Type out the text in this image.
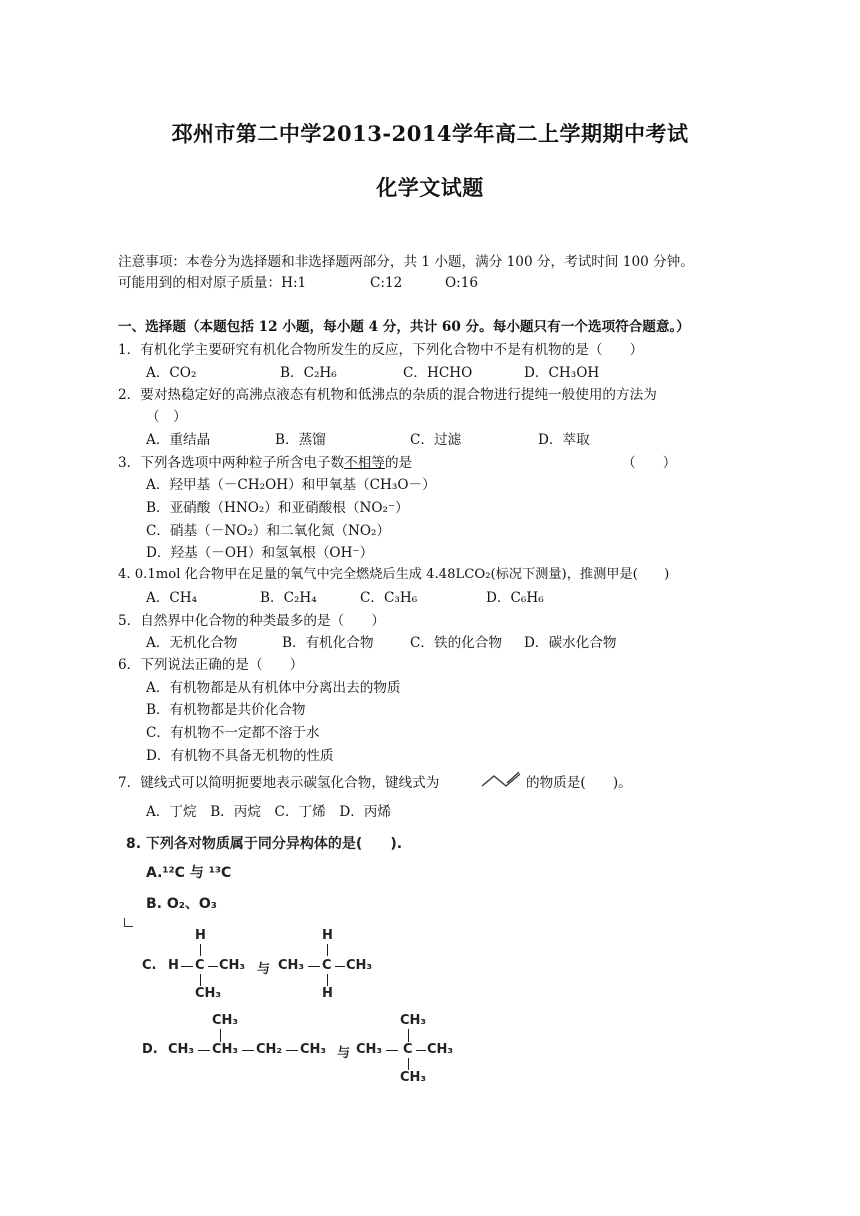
邳州市第二中学2013-2014学年高二上学期期中考试
化学文试题
注意事项：本卷分为选择题和非选择题两部分，共 1 小题，满分 100 分，考试时间 100 分钟。
可能用到的相对原子质量：H:1	C:12	O:16
一、选择题（本题包括 12 小题，每小题 4 分，共计 60 分。每小题只有一个选项符合题意。）
1．有机化学主要研究有机化合物所发生的反应，下列化合物中不是有机物的是（　　）
A．CO₂	B．C₂H₆	C．HCHO	D．CH₃OH
2．要对热稳定好的高沸点液态有机物和低沸点的杂质的混合物进行提纯一般使用的方法为
（　）
A．重结晶	B．蒸馏	C．过滤	D．萃取
3．下列各选项中两种粒子所含电子数不相等的是	（　　）
A．羟甲基（－CH₂OH）和甲氧基（CH₃O－）
B．亚硝酸（HNO₂）和亚硝酸根（NO₂⁻）
C．硝基（－NO₂）和二氧化氮（NO₂）
D．羟基（－OH）和氢氧根（OH⁻）
4. 0.1mol 化合物甲在足量的氧气中完全燃烧后生成 4.48LCO₂(标况下测量)，推测甲是(　　)
A．CH₄	B．C₂H₄	C．C₃H₆	D．C₆H₆
5．自然界中化合物的种类最多的是（　　）
A．无机化合物	B．有机化合物	C．铁的化合物 D．碳水化合物
6．下列说法正确的是（　　）
A．有机物都是从有机体中分离出去的物质
B．有机物都是共价化合物
C．有机物不一定都不溶于水
D．有机物不具备无机物的性质
7．键线式可以简明扼要地表示碳氢化合物，键线式为	的物质是(　　)。
A．丁烷　B．丙烷　C．丁烯　D．丙烯
8. 下列各对物质属于同分异构体的是(　　).
A.¹²C 与 ¹³C
B. O₂、O₃
C.
H
H C CH₃
CH₃
与
H
CH₃ C CH₃
H
CH₃
D. CH₃ CH₃ CH₂ CH₃ 与
CH₃
CH₃ C CH₃
CH₃
